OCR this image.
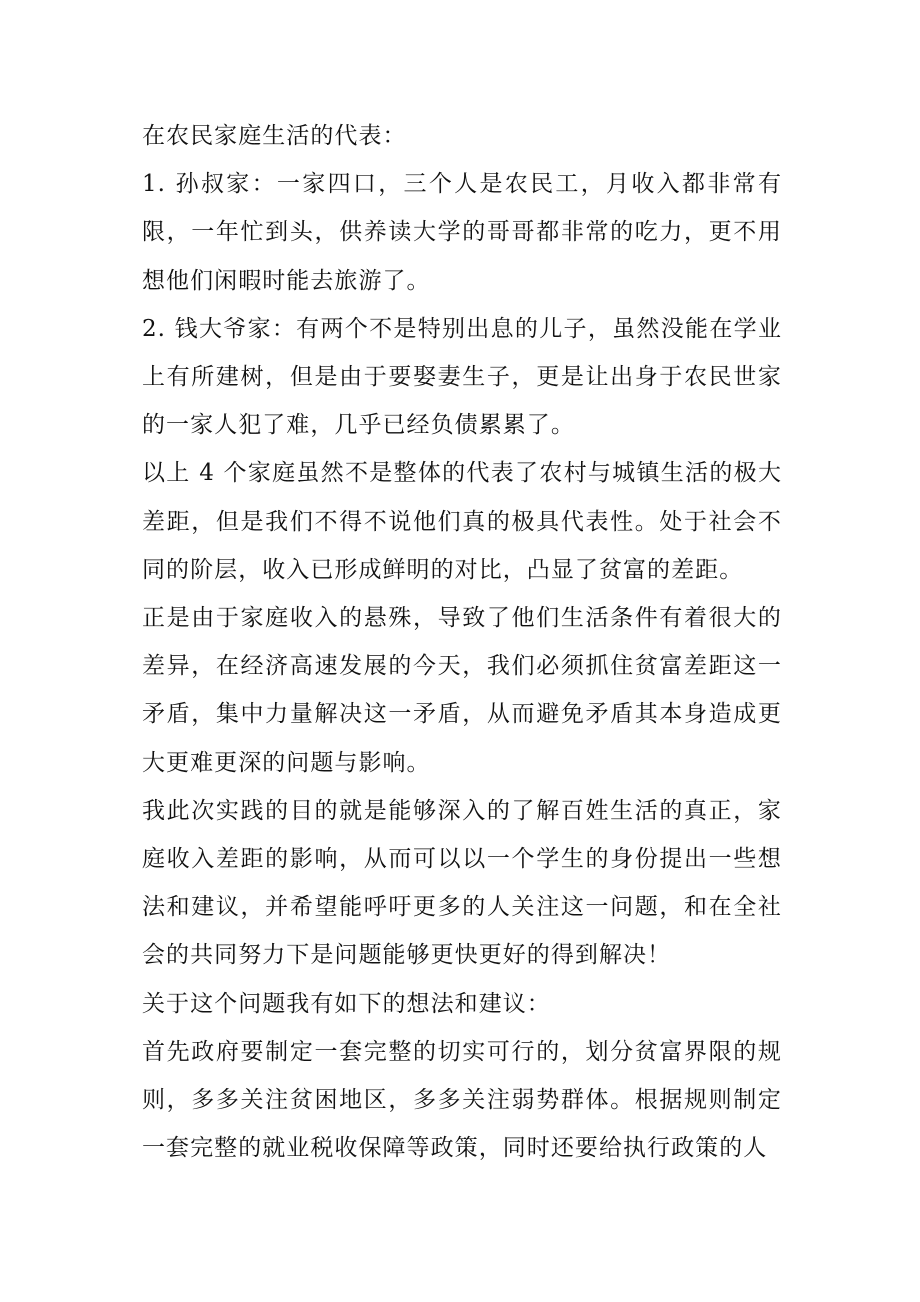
在农民家庭生活的代表：

1. 孙叔家：一家四口，三个人是农民工，月收入都非常有限，一年忙到头，供养读大学的哥哥都非常的吃力，更不用想他们闲暇时能去旅游了。

2. 钱大爷家：有两个不是特别出息的儿子，虽然没能在学业上有所建树，但是由于要娶妻生子，更是让出身于农民世家的一家人犯了难，几乎已经负债累累了。

以上 4 个家庭虽然不是整体的代表了农村与城镇生活的极大差距，但是我们不得不说他们真的极具代表性。处于社会不同的阶层，收入已形成鲜明的对比，凸显了贫富的差距。

正是由于家庭收入的悬殊，导致了他们生活条件有着很大的差异，在经济高速发展的今天，我们必须抓住贫富差距这一矛盾，集中力量解决这一矛盾，从而避免矛盾其本身造成更大更难更深的问题与影响。

我此次实践的目的就是能够深入的了解百姓生活的真正，家庭收入差距的影响，从而可以以一个学生的身份提出一些想法和建议，并希望能呼吁更多的人关注这一问题，和在全社会的共同努力下是问题能够更快更好的得到解决！

关于这个问题我有如下的想法和建议：

首先政府要制定一套完整的切实可行的，划分贫富界限的规则，多多关注贫困地区，多多关注弱势群体。根据规则制定一套完整的就业税收保障等政策，同时还要给执行政策的人
